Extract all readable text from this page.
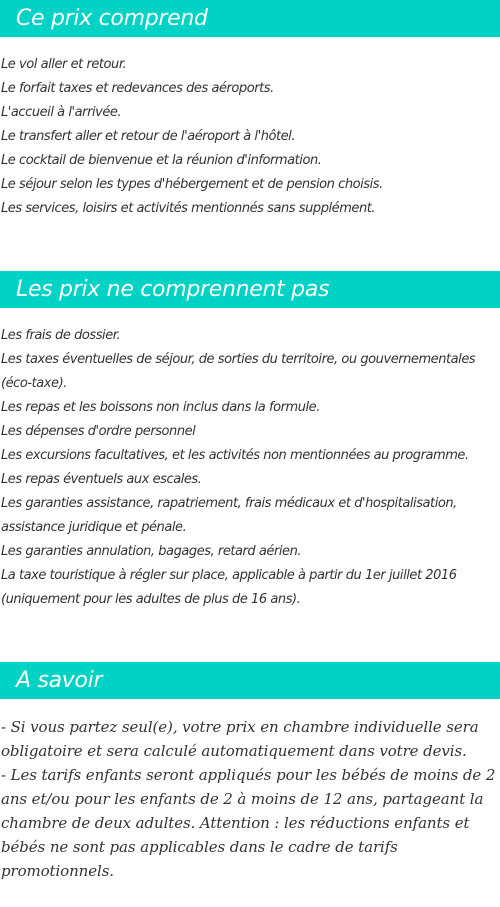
Ce prix comprend
Le vol aller et retour.
Le forfait taxes et redevances des aéroports.
L'accueil à l'arrivée.
Le transfert aller et retour de l'aéroport à l'hôtel.
Le cocktail de bienvenue et la réunion d'information.
Le séjour selon les types d'hébergement et de pension choisis.
Les services, loisirs et activités mentionnés sans supplément.
Les prix ne comprennent pas
Les frais de dossier.
Les taxes éventuelles de séjour, de sorties du territoire, ou gouvernementales (éco-taxe).
Les repas et les boissons non inclus dans la formule.
Les dépenses d'ordre personnel
Les excursions facultatives, et les activités non mentionnées au programme.
Les repas éventuels aux escales.
Les garanties assistance, rapatriement, frais médicaux et d'hospitalisation, assistance juridique et pénale.
Les garanties annulation, bagages, retard aérien.
La taxe touristique à régler sur place, applicable à partir du 1er juillet 2016 (uniquement pour les adultes de plus de 16 ans).
A savoir

- Si vous partez seul(e), votre prix en chambre individuelle sera obligatoire et sera calculé automatiquement dans votre devis.

- Les tarifs enfants seront appliqués pour les bébés de moins de 2 ans et/ou pour les enfants de 2 à moins de 12 ans, partageant la chambre de deux adultes. Attention : les réductions enfants et bébés ne sont pas applicables dans le cadre de tarifs promotionnels.
